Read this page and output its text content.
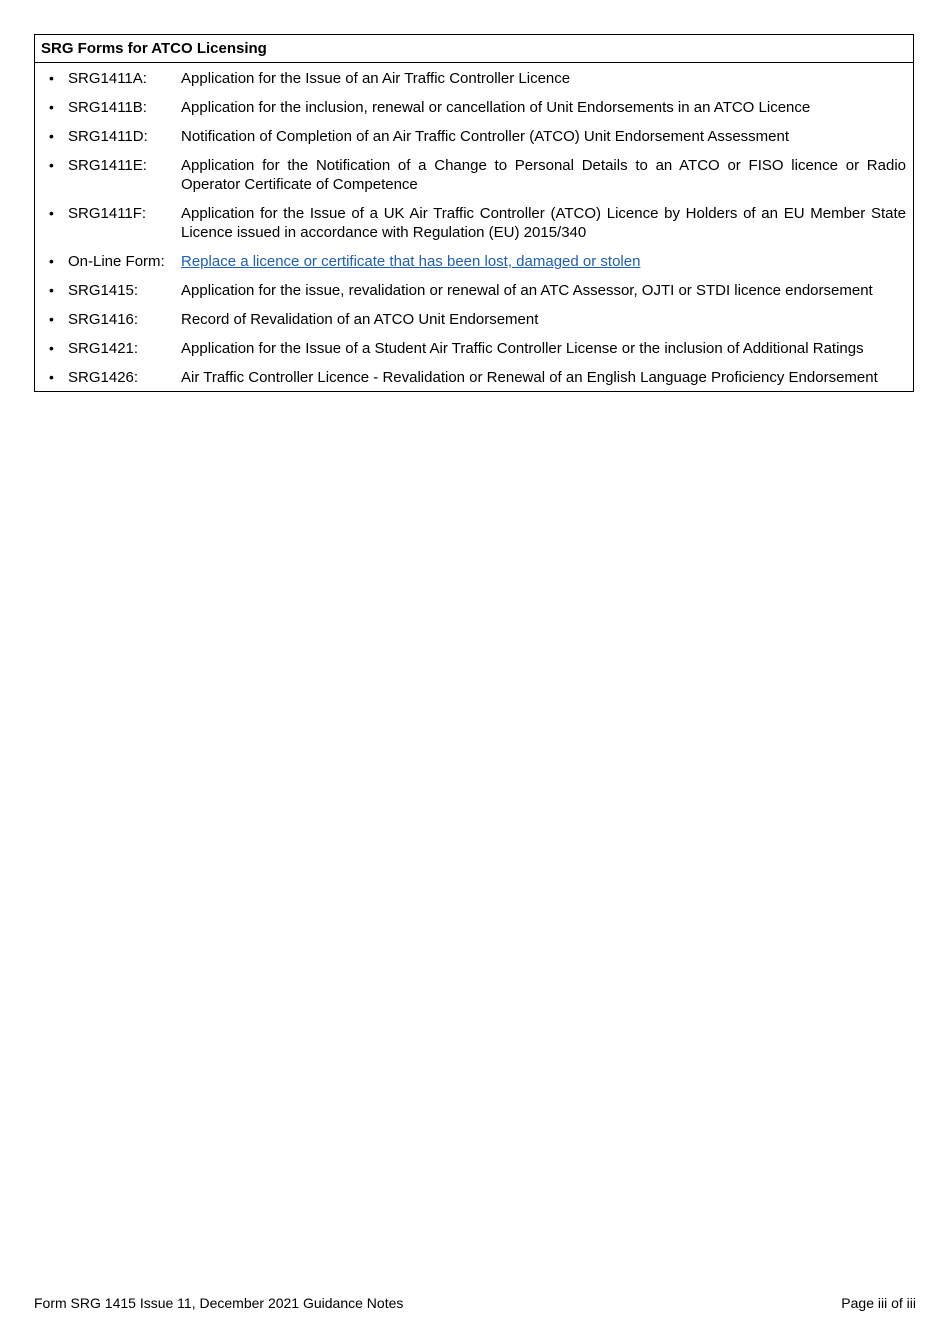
SRG Forms for ATCO Licensing
• SRG1411A:	Application for the Issue of an Air Traffic Controller Licence
• SRG1411B:	Application for the inclusion, renewal or cancellation of Unit Endorsements in an ATCO Licence
• SRG1411D:	Notification of Completion of an Air Traffic Controller (ATCO) Unit Endorsement Assessment
• SRG1411E:	Application for the Notification of a Change to Personal Details to an ATCO or FISO licence or Radio Operator Certificate of Competence
• SRG1411F:	Application for the Issue of a UK Air Traffic Controller (ATCO) Licence by Holders of an EU Member State Licence issued in accordance with Regulation (EU) 2015/340
• On-Line Form:	Replace a licence or certificate that has been lost, damaged or stolen
• SRG1415:	Application for the issue, revalidation or renewal of an ATC Assessor, OJTI or STDI licence endorsement
• SRG1416:	Record of Revalidation of an ATCO Unit Endorsement
• SRG1421:	Application for the Issue of a Student Air Traffic Controller License or the inclusion of Additional Ratings
• SRG1426:	Air Traffic Controller Licence - Revalidation or Renewal of an English Language Proficiency Endorsement
Form SRG 1415 Issue 11, December 2021 Guidance Notes	Page iii of iii
